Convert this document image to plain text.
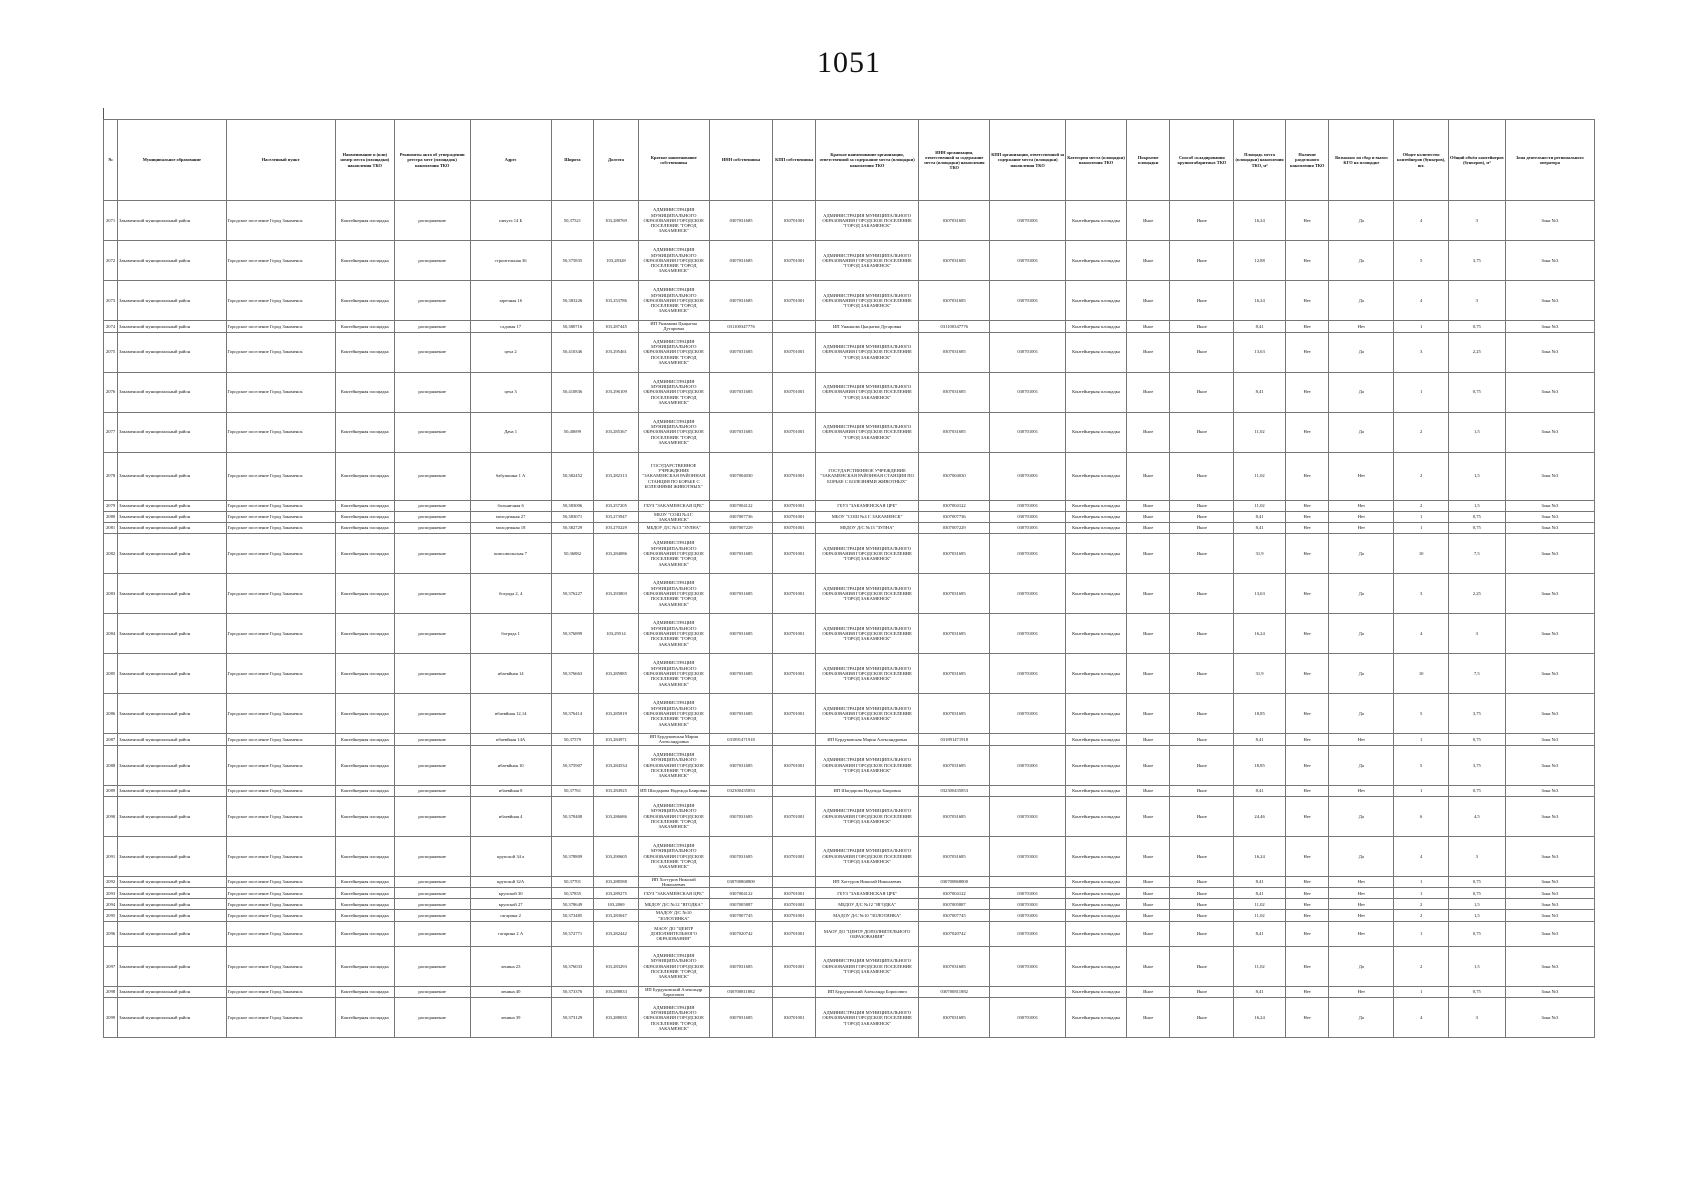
1051
№	Муниципальное образование	Населенный пункт	Наименование и (или) номер места (площадки) накопления ТКО	Реквизиты акта об утверждении реестра мест (площадок) накопления ТКО	Адрес	Широта	Долгота	Краткое наименование собственника	ИНН собственника	КПП собственника	Краткое наименование организации, ответственной за содержание места (площадки) накопления ТКО	ИНН организации, ответственной за содержание места (площадки) накопления ТКО	КПП организации, ответственной за содержание места (площадки) накопления ТКО	Категория места (площадки) накопления ТКО	Покрытие площадки	Способ складирования крупногабаритных ТКО	Площадь места (площадки) накопления ТКО, м²	Наличие раздельного накопления ТКО	Возможно ли сбор и вывоз КГО на площадке	Общее количество контейнеров (бункеров), шт.	Общий объём контейнеров (бункеров), м³	Зона деятельности регионального оператора
2071	Закаменский муниципальный район	Городское поселение Город Закаменск	Контейнерная площадка	распоряжение	пичуга 14 Б	50,37521	103,288769	АДМИНИСТРАЦИЯ МУНИЦИПАЛЬНОГО ОБРАЗОВАНИЯ ГОРОДСКОЕ ПОСЕЛЕНИЕ "ГОРОД ЗАКАМЕНСК"	0307031685	030701001	АДМИНИСТРАЦИЯ МУНИЦИПАЛЬНОГО ОБРАЗОВАНИЯ ГОРОДСКОЕ ПОСЕЛЕНИЕ "ГОРОД ЗАКАМЕНСК"	0307031685	030701001	Контейнерная площадка	Иное	Иное	16,24	Нет	Да	4	3	Зона №3
2072	Закаменский муниципальный район	Городское поселение Город Закаменск	Контейнерная площадка	распоряжение	строительная 36	50,375835	103,28328	АДМИНИСТРАЦИЯ МУНИЦИПАЛЬНОГО ОБРАЗОВАНИЯ ГОРОДСКОЕ ПОСЕЛЕНИЕ "ГОРОД ЗАКАМЕНСК"	0307031685	030701001	АДМИНИСТРАЦИЯ МУНИЦИПАЛЬНОГО ОБРАЗОВАНИЯ ГОРОДСКОЕ ПОСЕЛЕНИЕ "ГОРОД ЗАКАМЕНСК"	0307031685	030701001	Контейнерная площадка	Иное	Иное	12,88	Нет	Да	5	3,75	Зона №3
2073	Закаменский муниципальный район	Городское поселение Город Закаменск	Контейнерная площадка	распоряжение	заречная 16	50,383226	103,253786	АДМИНИСТРАЦИЯ МУНИЦИПАЛЬНОГО ОБРАЗОВАНИЯ ГОРОДСКОЕ ПОСЕЛЕНИЕ "ГОРОД ЗАКАМЕНСК"	0307031685	030701001	АДМИНИСТРАЦИЯ МУНИЦИПАЛЬНОГО ОБРАЗОВАНИЯ ГОРОДСКОЕ ПОСЕЛЕНИЕ "ГОРОД ЗАКАМЕНСК"	0307031685	030701001	Контейнерная площадка	Иное	Иное	16,24	Нет	Да	4	3	Зона №3
2074	Закаменский муниципальный район	Городское поселение Город Закаменск	Контейнерная площадка	распоряжение	садовая 17	50,380716	103,287445	ИП Унжакова Цыцыгма Дугаровна	031100347776		ИП Унжакова Цыцыгма Дугаровна	031100347776		Контейнерная площадка	Иное	Иное	8,41	Нет	Нет	1	0,75	Зона №3
2075	Закаменский муниципальный район	Городское поселение Город Закаменск	Контейнерная площадка	распоряжение	цеха 2	50,410346	103,295461	АДМИНИСТРАЦИЯ МУНИЦИПАЛЬНОГО ОБРАЗОВАНИЯ ГОРОДСКОЕ ПОСЕЛЕНИЕ "ГОРОД ЗАКАМЕНСК"	0307031685	030701001	АДМИНИСТРАЦИЯ МУНИЦИПАЛЬНОГО ОБРАЗОВАНИЯ ГОРОДСКОЕ ПОСЕЛЕНИЕ "ГОРОД ЗАКАМЕНСК"	0307031685	030701001	Контейнерная площадка	Иное	Иное	13,63	Нет	Да	3	2,25	Зона №3
2076	Закаменский муниципальный район	Городское поселение Город Закаменск	Контейнерная площадка	распоряжение	цеха 3	50,410836	103,296109	АДМИНИСТРАЦИЯ МУНИЦИПАЛЬНОГО ОБРАЗОВАНИЯ ГОРОДСКОЕ ПОСЕЛЕНИЕ "ГОРОД ЗАКАМЕНСК"	0307031685	030701001	АДМИНИСТРАЦИЯ МУНИЦИПАЛЬНОГО ОБРАЗОВАНИЯ ГОРОДСКОЕ ПОСЕЛЕНИЕ "ГОРОД ЗАКАМЕНСК"	0307031685	030701001	Контейнерная площадка	Иное	Иное	8,41	Нет	Да	1	0,75	Зона №3
2077	Закаменский муниципальный район	Городское поселение Город Закаменск	Контейнерная площадка	распоряжение	Дача 1	50,40699	103,285367	АДМИНИСТРАЦИЯ МУНИЦИПАЛЬНОГО ОБРАЗОВАНИЯ ГОРОДСКОЕ ПОСЕЛЕНИЕ "ГОРОД ЗАКАМЕНСК"	0307031685	030701001	АДМИНИСТРАЦИЯ МУНИЦИПАЛЬНОГО ОБРАЗОВАНИЯ ГОРОДСКОЕ ПОСЕЛЕНИЕ "ГОРОД ЗАКАМЕНСК"	0307031685	030701001	Контейнерная площадка	Иное	Иное	11,02	Нет	Да	2	1,5	Зона №3
2078	Закаменский муниципальный район	Городское поселение Город Закаменск	Контейнерная площадка	распоряжение	бабушкина 1 А	50,382452	103,282313	ГОСУДАРСТВЕННОЕ УЧРЕЖДЕНИЕ "ЗАКАМЕНСКАЯ РАЙОННАЯ СТАНЦИЯ ПО БОРЬБЕ С БОЛЕЗНЯМИ ЖИВОТНЫХ"	0307004030	030701001	ГОСУДАРСТВЕННОЕ УЧРЕЖДЕНИЕ "ЗАКАМЕНСКАЯ РАЙОННАЯ СТАНЦИЯ ПО БОРЬБЕ С БОЛЕЗНЯМИ ЖИВОТНЫХ"	0307004030	030701001	Контейнерная площадка	Иное	Иное	11,02	Нет	Нет	2	1,5	Зона №3
2079	Закаменский муниципальный район	Городское поселение Город Закаменск	Контейнерная площадка	распоряжение	больничная 6	50,383006	103,257205	ГБУЗ "ЗАКАМЕНСКАЯ ЦРБ"	0307004122	030701001	ГБУЗ "ЗАКАМЕНСКАЯ ЦРБ"	0307004122	030701001	Контейнерная площадка	Иное	Иное	11,02	Нет	Нет	2	1,5	Зона №3
2080	Закаменский муниципальный район	Городское поселение Город Закаменск	Контейнерная площадка	распоряжение	молодежная 27	50,383071	103,273947	МБОУ "СОШ №4 Г. ЗАКАМЕНСК"	0307007736	030701001	МБОУ "СОШ №4 Г. ЗАКАМЕНСК"	0307007736	030701001	Контейнерная площадка	Иное	Иное	8,41	Нет	Нет	1	0,75	Зона №3
2081	Закаменский муниципальный район	Городское поселение Город Закаменск	Контейнерная площадка	распоряжение	молодежная 18	50,382729	103,270229	МБДОУ Д/С №13 "ЗУЛНА"	0307007229	030701001	МБДОУ Д/С №13 "ЗУЛНА"	0307007229	030701001	Контейнерная площадка	Иное	Иное	8,41	Нет	Нет	1	0,75	Зона №3
2082	Закаменский муниципальный район	Городское поселение Город Закаменск	Контейнерная площадка	распоряжение	комсомольская 7	50,36882	103,284086	АДМИНИСТРАЦИЯ МУНИЦИПАЛЬНОГО ОБРАЗОВАНИЯ ГОРОДСКОЕ ПОСЕЛЕНИЕ "ГОРОД ЗАКАМЕНСК"	0307031685	030701001	АДМИНИСТРАЦИЯ МУНИЦИПАЛЬНОГО ОБРАЗОВАНИЯ ГОРОДСКОЕ ПОСЕЛЕНИЕ "ГОРОД ЗАКАМЕНСК"	0307031685	030701001	Контейнерная площадка	Иное	Иное	31,9	Нет	Да	10	7,5	Зона №3
2083	Закаменский муниципальный район	Городское поселение Город Закаменск	Контейнерная площадка	распоряжение	бограда 2, 4	50,376227	103,293803	АДМИНИСТРАЦИЯ МУНИЦИПАЛЬНОГО ОБРАЗОВАНИЯ ГОРОДСКОЕ ПОСЕЛЕНИЕ "ГОРОД ЗАКАМЕНСК"	0307031685	030701001	АДМИНИСТРАЦИЯ МУНИЦИПАЛЬНОГО ОБРАЗОВАНИЯ ГОРОДСКОЕ ПОСЕЛЕНИЕ "ГОРОД ЗАКАМЕНСК"	0307031685	030701001	Контейнерная площадка	Иное	Иное	13,63	Нет	Да	3	2,25	Зона №3
2084	Закаменский муниципальный район	Городское поселение Город Закаменск	Контейнерная площадка	распоряжение	бограда 1	50,376899	103,29514	АДМИНИСТРАЦИЯ МУНИЦИПАЛЬНОГО ОБРАЗОВАНИЯ ГОРОДСКОЕ ПОСЕЛЕНИЕ "ГОРОД ЗАКАМЕНСК"	0307031685	030701001	АДМИНИСТРАЦИЯ МУНИЦИПАЛЬНОГО ОБРАЗОВАНИЯ ГОРОДСКОЕ ПОСЕЛЕНИЕ "ГОРОД ЗАКАМЕНСК"	0307031685	030701001	Контейнерная площадка	Иное	Иное	16,24	Нет	Да	4	3	Зона №3
2085	Закаменский муниципальный район	Городское поселение Город Закаменск	Контейнерная площадка	распоряжение	ибаевйная 14	50,376663	103,285885	АДМИНИСТРАЦИЯ МУНИЦИПАЛЬНОГО ОБРАЗОВАНИЯ ГОРОДСКОЕ ПОСЕЛЕНИЕ "ГОРОД ЗАКАМЕНСК"	0307031685	030701001	АДМИНИСТРАЦИЯ МУНИЦИПАЛЬНОГО ОБРАЗОВАНИЯ ГОРОДСКОЕ ПОСЕЛЕНИЕ "ГОРОД ЗАКАМЕНСК"	0307031685	030701001	Контейнерная площадка	Иное	Иное	31,9	Нет	Да	10	7,5	Зона №3
2086	Закаменский муниципальный район	Городское поселение Город Закаменск	Контейнерная площадка	распоряжение	ибаевйная 12,14	50,376414	103,285819	АДМИНИСТРАЦИЯ МУНИЦИПАЛЬНОГО ОБРАЗОВАНИЯ ГОРОДСКОЕ ПОСЕЛЕНИЕ "ГОРОД ЗАКАМЕНСК"	0307031685	030701001	АДМИНИСТРАЦИЯ МУНИЦИПАЛЬНОГО ОБРАЗОВАНИЯ ГОРОДСКОЕ ПОСЕЛЕНИЕ "ГОРОД ЗАКАМЕНСК"	0307031685	030701001	Контейнерная площадка	Иное	Иное	18,85	Нет	Да	5	3,75	Зона №3
2087	Закаменский муниципальный район	Городское поселение Город Закаменск	Контейнерная площадка	распоряжение	ибаевйная 14А	50,37579	103,284971	ИП Бурдуковская Мария Александровна	031891471918		ИП Бурдуковская Мария Александровна	031891471918		Контейнерная площадка	Иное	Иное	8,41	Нет	Нет	1	0,75	Зона №3
2088	Закаменский муниципальный район	Городское поселение Город Закаменск	Контейнерная площадка	распоряжение	ибаевйная 10	50,375907	103,284534	АДМИНИСТРАЦИЯ МУНИЦИПАЛЬНОГО ОБРАЗОВАНИЯ ГОРОДСКОЕ ПОСЕЛЕНИЕ "ГОРОД ЗАКАМЕНСК"	0307031685	030701001	АДМИНИСТРАЦИЯ МУНИЦИПАЛЬНОГО ОБРАЗОВАНИЯ ГОРОДСКОЕ ПОСЕЛЕНИЕ "ГОРОД ЗАКАМЕНСК"	0307031685	030701001	Контейнерная площадка	Иное	Иное	18,85	Нет	Да	5	3,75	Зона №3
2089	Закаменский муниципальный район	Городское поселение Город Закаменск	Контейнерная площадка	распоряжение	ибаевйная 8	50,37761	103,284925	ИП Шагдарова Надежда Баировна	032300435853		ИП Шагдарова Надежда Баировна	032300435853		Контейнерная площадка	Иное	Иное	8,41	Нет	Нет	1	0,75	Зона №3
2090	Закаменский муниципальный район	Городское поселение Город Закаменск	Контейнерная площадка	распоряжение	ибаевйная 4	50,378408	103,286686	АДМИНИСТРАЦИЯ МУНИЦИПАЛЬНОГО ОБРАЗОВАНИЯ ГОРОДСКОЕ ПОСЕЛЕНИЕ "ГОРОД ЗАКАМЕНСК"	0307031685	030701001	АДМИНИСТРАЦИЯ МУНИЦИПАЛЬНОГО ОБРАЗОВАНИЯ ГОРОДСКОЕ ПОСЕЛЕНИЕ "ГОРОД ЗАКАМЕНСК"	0307031685	030701001	Контейнерная площадка	Иное	Иное	24,46	Нет	Да	6	4,5	Зона №3
2091	Закаменский муниципальный район	Городское поселение Город Закаменск	Контейнерная площадка	распоряжение	крупской 34 а	50,378809	103,290605	АДМИНИСТРАЦИЯ МУНИЦИПАЛЬНОГО ОБРАЗОВАНИЯ ГОРОДСКОЕ ПОСЕЛЕНИЕ "ГОРОД ЗАКАМЕНСК"	0307031685	030701001	АДМИНИСТРАЦИЯ МУНИЦИПАЛЬНОГО ОБРАЗОВАНИЯ ГОРОДСКОЕ ПОСЕЛЕНИЕ "ГОРОД ЗАКАМЕНСК"	0307031685	030701001	Контейнерная площадка	Иное	Иное	16,24	Нет	Да	4	3	Зона №3
2092	Закаменский муниципальный район	Городское поселение Город Закаменск	Контейнерная площадка	распоряжение	крупской 32А	50,37701	103,288588	ИП Хогтуров Николай Николаевич	030700868800		ИП Хогтуров Николай Николаевич	030700868800		Контейнерная площадка	Иное	Иное	8,41	Нет	Нет	1	0,75	Зона №3
2093	Закаменский муниципальный район	Городское поселение Город Закаменск	Контейнерная площадка	распоряжение	крупской 30	50,37835	103,289275	ГБУЗ "ЗАКАМЕНСКАЯ ЦРБ"	0307004122	030701001	ГБУЗ "ЗАКАМЕНСКАЯ ЦРБ"	0307004122	030701001	Контейнерная площадка	Иное	Иное	8,41	Нет	Нет	1	0,75	Зона №3
2094	Закаменский муниципальный район	Городское поселение Город Закаменск	Контейнерная площадка	распоряжение	крупской 27	50,378649	103,2869	МБДОУ Д/С №12 "ЯГОДКА"	0307005887	030701001	МБДОУ Д/С №12 "ЯГОДКА"	0307005887	030701001	Контейнерная площадка	Иное	Иное	11,02	Нет	Нет	2	1,5	Зона №3
2095	Закаменский муниципальный район	Городское поселение Город Закаменск	Контейнерная площадка	распоряжение	гагарина 2	50,373485	103,283047	МАДОУ Д/С №10 "ЗОЛОТИНКА"	0307007745	030701001	МАДОУ Д/С №10 "ЗОЛОТИНКА"	0307007745	030701001	Контейнерная площадка	Иное	Иное	11,02	Нет	Нет	2	1,5	Зона №3
2096	Закаменский муниципальный район	Городское поселение Город Закаменск	Контейнерная площадка	распоряжение	гагарина 2 А	50,372771	103,282442	МАОУ ДО "ЦЕНТР ДОПОЛНИТЕЛЬНОГО ОБРАЗОВАНИЯ"	0307020742	030701001	МАОУ ДО "ЦЕНТР ДОПОЛНИТЕЛЬНОГО ОБРАЗОВАНИЯ"	0307020742	030701001	Контейнерная площадка	Иное	Иное	8,41	Нет	Нет	1	0,75	Зона №3
2097	Закаменский муниципальный район	Городское поселение Город Закаменск	Контейнерная площадка	распоряжение	ленина 23	50,376033	103,283293	АДМИНИСТРАЦИЯ МУНИЦИПАЛЬНОГО ОБРАЗОВАНИЯ ГОРОДСКОЕ ПОСЕЛЕНИЕ "ГОРОД ЗАКАМЕНСК"	0307031685	030701001	АДМИНИСТРАЦИЯ МУНИЦИПАЛЬНОГО ОБРАЗОВАНИЯ ГОРОДСКОЕ ПОСЕЛЕНИЕ "ГОРОД ЗАКАМЕНСК"	0307031685	030701001	Контейнерная площадка	Иное	Иное	11,02	Нет	Да	2	1,5	Зона №3
2098	Закаменский муниципальный район	Городское поселение Город Закаменск	Контейнерная площадка	распоряжение	ленина 40	50,373376	103,288833	ИП Бурдуковский Александр Борисович	030700811882		ИП Бурдуковский Александр Борисович	030700811882		Контейнерная площадка	Иное	Иное	8,41	Нет	Нет	1	0,75	Зона №3
2099	Закаменский муниципальный район	Городское поселение Город Закаменск	Контейнерная площадка	распоряжение	ленина 39	50,373129	103,288035	АДМИНИСТРАЦИЯ МУНИЦИПАЛЬНОГО ОБРАЗОВАНИЯ ГОРОДСКОЕ ПОСЕЛЕНИЕ "ГОРОД ЗАКАМЕНСК"	0307031685	030701001	АДМИНИСТРАЦИЯ МУНИЦИПАЛЬНОГО ОБРАЗОВАНИЯ ГОРОДСКОЕ ПОСЕЛЕНИЕ "ГОРОД ЗАКАМЕНСК"	0307031685	030701001	Контейнерная площадка	Иное	Иное	16,24	Нет	Да	4	3	Зона №3
